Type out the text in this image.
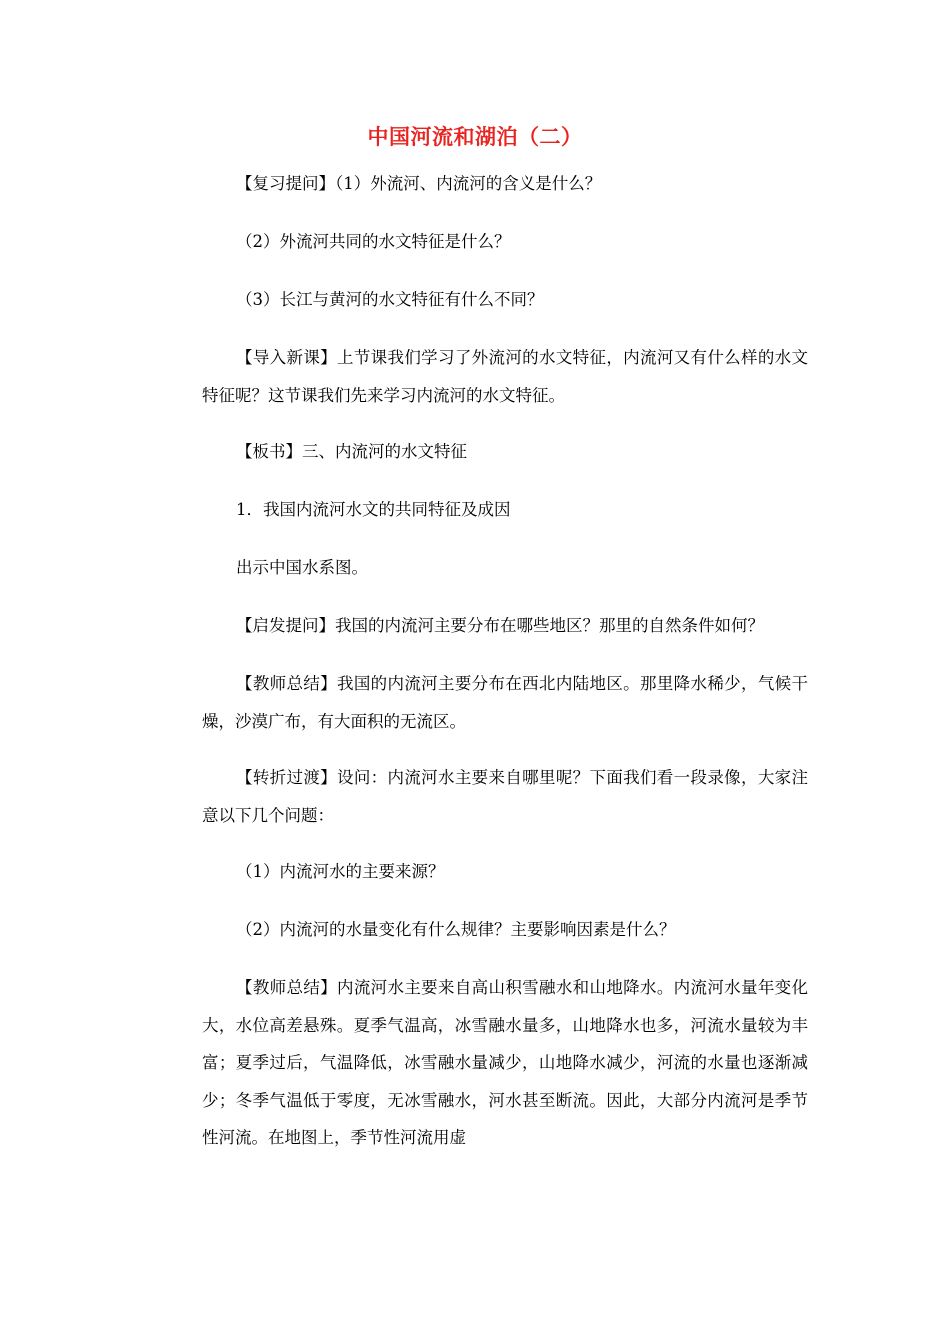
中国河流和湖泊（二）

【复习提问】（1）外流河、内流河的含义是什么？

（2）外流河共同的水文特征是什么？

（3）长江与黄河的水文特征有什么不同？

【导入新课】上节课我们学习了外流河的水文特征，内流河又有什么样的水文特征呢？这节课我们先来学习内流河的水文特征。

【板书】三、内流河的水文特征

1．我国内流河水文的共同特征及成因

出示中国水系图。

【启发提问】我国的内流河主要分布在哪些地区？那里的自然条件如何？

【教师总结】我国的内流河主要分布在西北内陆地区。那里降水稀少，气候干燥，沙漠广布，有大面积的无流区。

【转折过渡】设问：内流河水主要来自哪里呢？下面我们看一段录像，大家注意以下几个问题：

（1）内流河水的主要来源？

（2）内流河的水量变化有什么规律？主要影响因素是什么？

【教师总结】内流河水主要来自高山积雪融水和山地降水。内流河水量年变化大，水位高差悬殊。夏季气温高，冰雪融水量多，山地降水也多，河流水量较为丰富；夏季过后，气温降低，冰雪融水量减少，山地降水减少，河流的水量也逐渐减少；冬季气温低于零度，无冰雪融水，河水甚至断流。因此，大部分内流河是季节性河流。在地图上，季节性河流用虚
